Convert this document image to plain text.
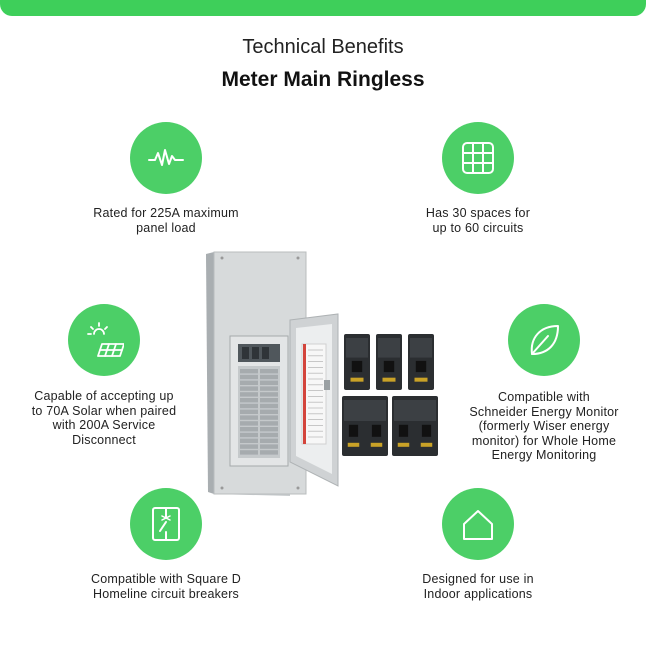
Technical Benefits
Meter Main Ringless
Rated for 225A maximum
panel load
Has 30 spaces for
up to 60 circuits
Capable of accepting up
to 70A Solar when paired
with 200A Service
Disconnect
Compatible with
Schneider Energy Monitor
(formerly Wiser energy
monitor) for Whole Home
Energy Monitoring
Compatible with Square D
Homeline circuit breakers
Designed for use in
Indoor applications
